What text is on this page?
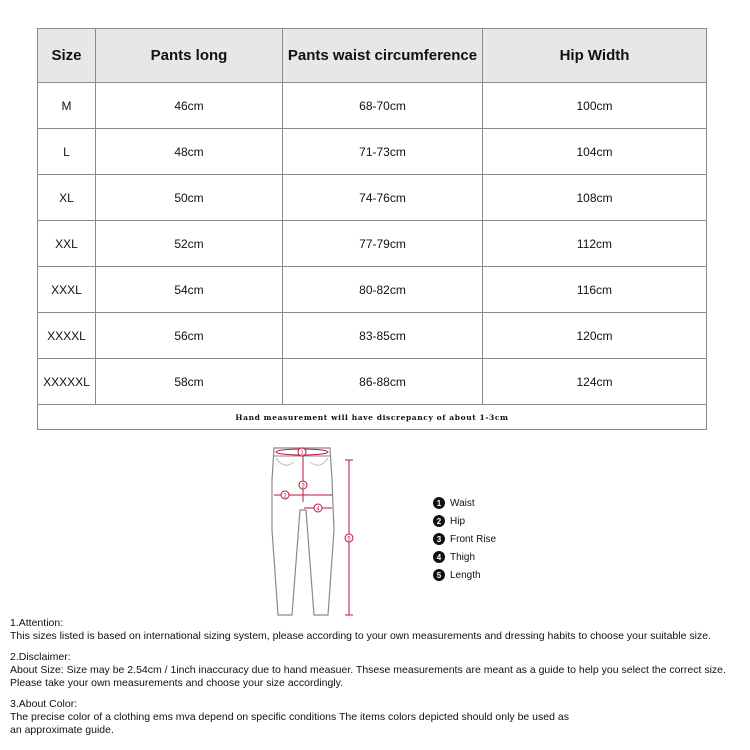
Size	Pants long	Pants waist circumference	Hip Width
M	46cm	68-70cm	100cm
L	48cm	71-73cm	104cm
XL	50cm	74-76cm	108cm
XXL	52cm	77-79cm	112cm
XXXL	54cm	80-82cm	116cm
XXXXL	56cm	83-85cm	120cm
XXXXXL	58cm	86-88cm	124cm
Hand measurement will have discrepancy of about 1-3cm			
1
2
3
4
5
1 Waist
2 Hip
3 Front Rise
4 Thigh
5 Length

1.Attention:

This sizes listed is based on international sizing system, please according to your own measurements and dressing habits to choose your suitable size.

2.Disclaimer:

About Size: Size may be 2.54cm / 1inch inaccuracy due to hand measuer. Thsese measurements are meant as a guide to help you select the correct size.

Please take your own measurements and choose your size accordingly.

3.About Color:

The precise color of a clothing ems mva depend on specific conditions The items colors depicted should only be used as

an approximate guide.
